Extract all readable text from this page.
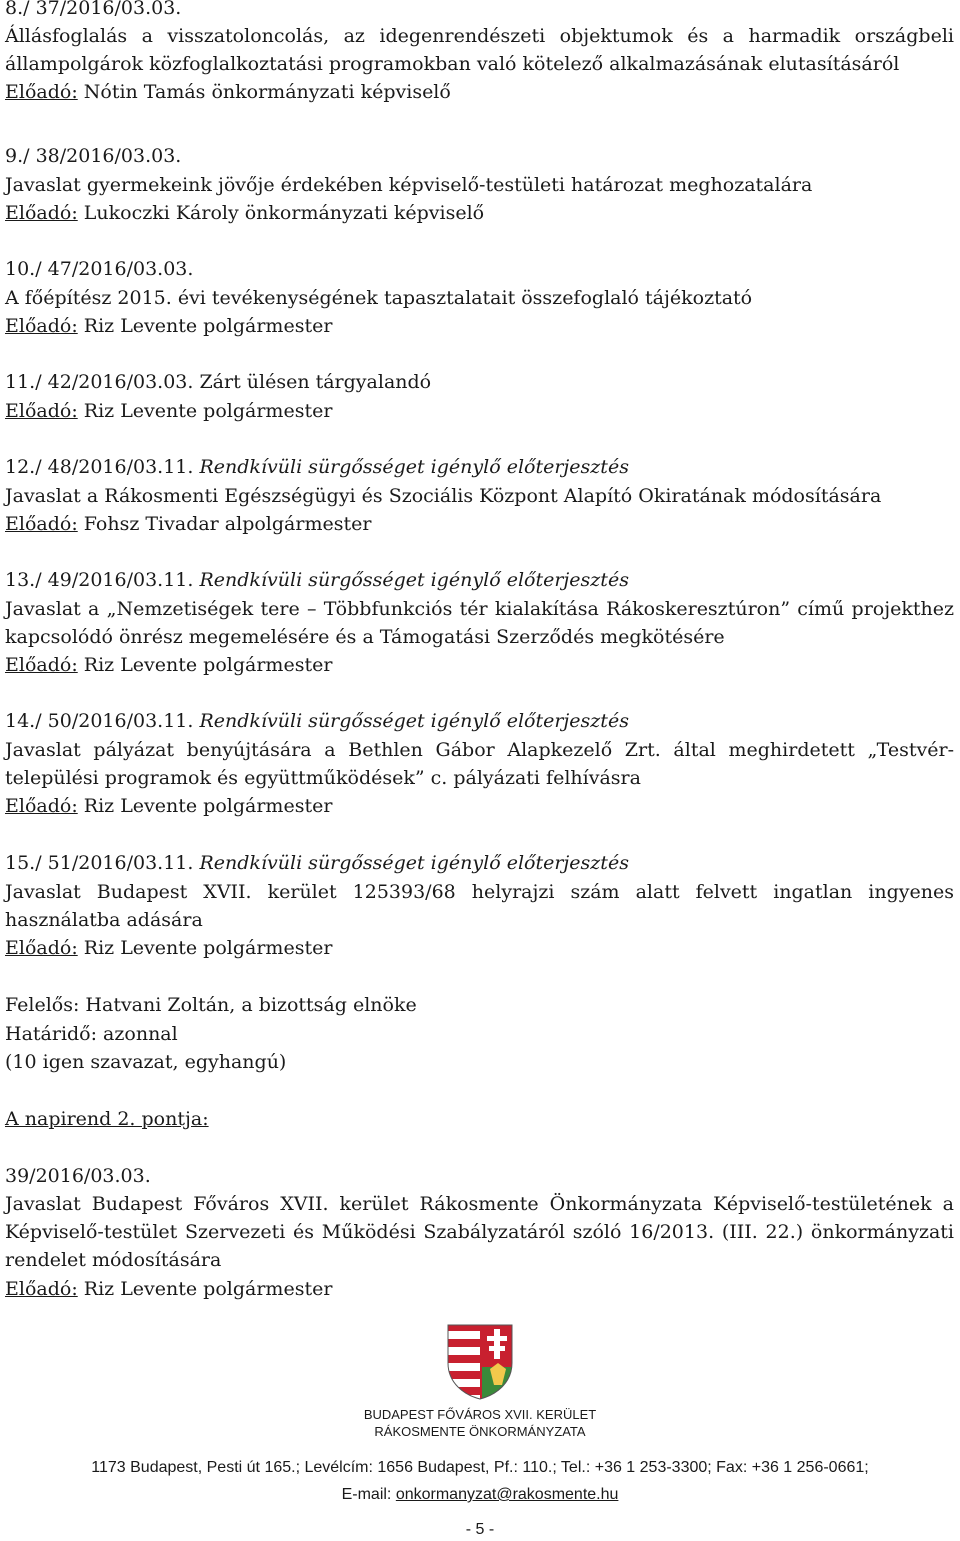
8./ 37/2016/03.03.
Állásfoglalás a visszatoloncolás, az idegenrendészeti objektumok és a harmadik országbeli
állampolgárok közfoglalkoztatási programokban való kötelező alkalmazásának elutasításáról
Előadó: Nótin Tamás önkormányzati képviselő
9./ 38/2016/03.03.
Javaslat gyermekeink jövője érdekében képviselő-testületi határozat meghozatalára
Előadó: Lukoczki Károly önkormányzati képviselő
10./ 47/2016/03.03.
A főépítész 2015. évi tevékenységének tapasztalatait összefoglaló tájékoztató
Előadó: Riz Levente polgármester
11./ 42/2016/03.03. Zárt ülésen tárgyalandó
Előadó: Riz Levente polgármester
12./ 48/2016/03.11. Rendkívüli sürgősséget igénylő előterjesztés
Javaslat a Rákosmenti Egészségügyi és Szociális Központ Alapító Okiratának módosítására
Előadó: Fohsz Tivadar alpolgármester
13./ 49/2016/03.11. Rendkívüli sürgősséget igénylő előterjesztés
Javaslat a „Nemzetiségek tere – Többfunkciós tér kialakítása Rákoskeresztúron” című projekthez
kapcsolódó önrész megemelésére és a Támogatási Szerződés megkötésére
Előadó: Riz Levente polgármester
14./ 50/2016/03.11. Rendkívüli sürgősséget igénylő előterjesztés
Javaslat pályázat benyújtására a Bethlen Gábor Alapkezelő Zrt. által meghirdetett „Testvér-
települési programok és együttműködések” c. pályázati felhívásra
Előadó: Riz Levente polgármester
15./ 51/2016/03.11. Rendkívüli sürgősséget igénylő előterjesztés
Javaslat Budapest XVII. kerület 125393/68 helyrajzi szám alatt felvett ingatlan ingyenes
használatba adására
Előadó: Riz Levente polgármester
Felelős: Hatvani Zoltán, a bizottság elnöke
Határidő: azonnal
(10 igen szavazat, egyhangú)
A napirend 2. pontja:
39/2016/03.03.
Javaslat Budapest Főváros XVII. kerület Rákosmente Önkormányzata Képviselő-testületének a
Képviselő-testület Szervezeti és Működési Szabályzatáról szóló 16/2013. (III. 22.) önkormányzati
rendelet módosítására
Előadó: Riz Levente polgármester
BUDAPEST FŐVÁROS XVII. KERÜLET
RÁKOSMENTE ÖNKORMÁNYZATA
1173 Budapest, Pesti út 165.; Levélcím: 1656 Budapest, Pf.: 110.; Tel.: +36 1 253-3300; Fax: +36 1 256-0661;
E-mail: onkormanyzat@rakosmente.hu
- 5 -
